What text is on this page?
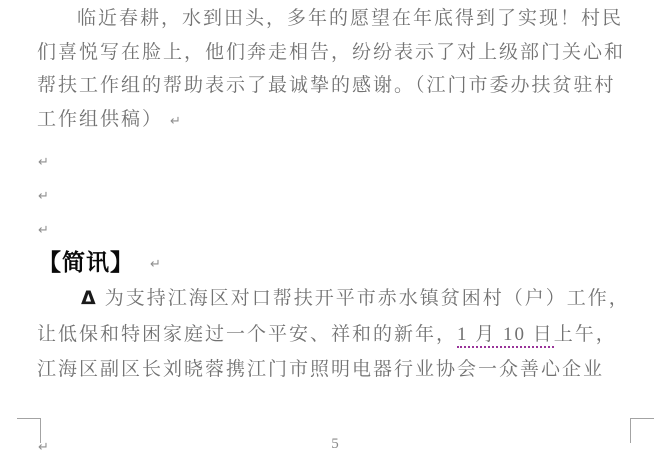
临近春耕，水到田头，多年的愿望在年底得到了实现！村民
们喜悦写在脸上，他们奔走相告，纷纷表示了对上级部门关心和
帮扶工作组的帮助表示了最诚挚的感谢。（江门市委办扶贫驻村
工作组供稿） ↵
↵
↵
↵
【简讯】 ↵
Δ 为支持江海区对口帮扶开平市赤水镇贫困村（户）工作，
让低保和特困家庭过一个平安、祥和的新年，1 月 10 日上午，
江海区副区长刘晓蓉携江门市照明电器行业协会一众善心企业
↵	5
